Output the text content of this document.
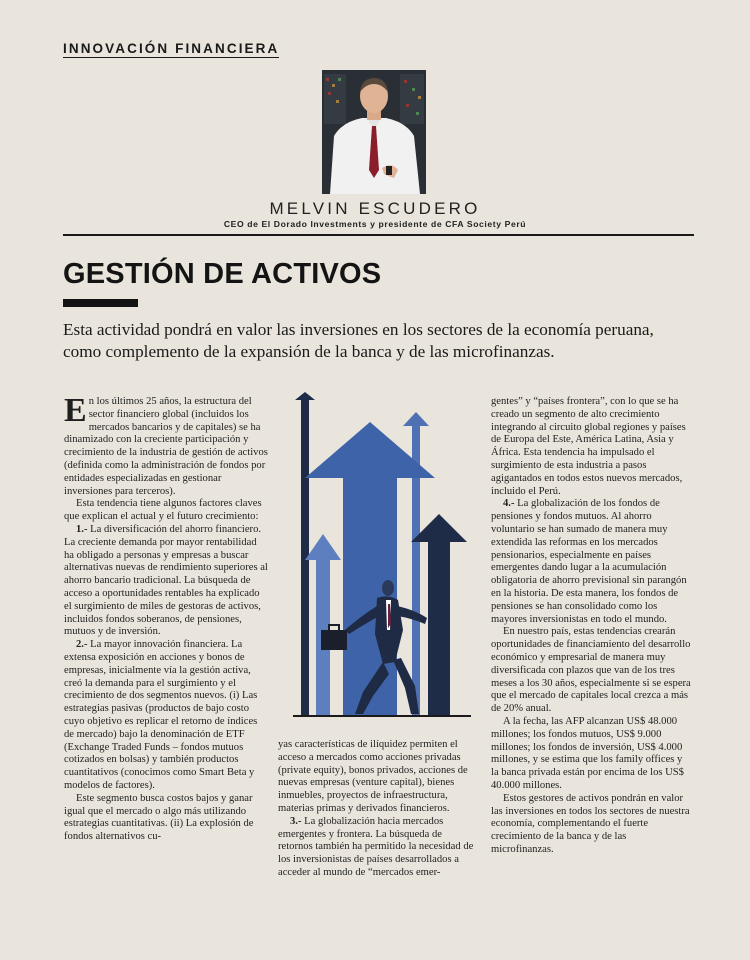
INNOVACIÓN FINANCIERA
MELVIN ESCUDERO
CEO de El Dorado Investments y presidente de CFA Society Perú
GESTIÓN DE ACTIVOS
Esta actividad pondrá en valor las inversiones en los sectores de la economía peruana, como complemento de la expansión de la banca y de las microfinanzas.

En los últimos 25 años, la estructura del sector financiero global (incluidos los mercados bancarios y de capitales) se ha dinamizado con la creciente participación y crecimiento de la industria de gestión de activos (definida como la administración de fondos por entidades especializadas en gestionar inversiones para terceros).

Esta tendencia tiene algunos factores claves que explican el actual y el futuro crecimiento:

1.- La diversificación del ahorro financiero. La creciente demanda por mayor rentabilidad ha obligado a personas y empresas a buscar alternativas nuevas de rendimiento superiores al ahorro bancario tradicional. La búsqueda de acceso a oportunidades rentables ha explicado el surgimiento de miles de gestoras de activos, incluidos fondos soberanos, de pensiones, mutuos y de inversión.

2.- La mayor innovación financiera. La extensa exposición en acciones y bonos de empresas, inicialmente vía la gestión activa, creó la demanda para el surgimiento y el crecimiento de dos segmentos nuevos. (i) Las estrategias pasivas (productos de bajo costo cuyo objetivo es replicar el retorno de índices de mercado) bajo la denominación de ETF (Exchange Traded Funds – fondos mutuos cotizados en bolsas) y también productos cuantitativos (conocimos como Smart Beta y modelos de factores).

Este segmento busca costos bajos y ganar igual que el mercado o algo más utilizando estrategias cuantitativas. (ii) La explosión de fondos alternativos cu-

yas características de ilíquidez permiten el acceso a mercados como acciones privadas (private equity), bonos privados, acciones de nuevas empresas (venture capital), bienes inmuebles, proyectos de infraestructura, materias primas y derivados financieros.

3.- La globalización hacia mercados emergentes y frontera. La búsqueda de retornos también ha permitido la necesidad de los inversionistas de países desarrollados a acceder al mundo de “mercados emer-

gentes” y “países frontera”, con lo que se ha creado un segmento de alto crecimiento integrando al circuito global regiones y países de Europa del Este, América Latina, Asia y África. Esta tendencia ha impulsado el surgimiento de esta industria a pasos agigantados en todos estos nuevos mercados, incluido el Perú.

4.- La globalización de los fondos de pensiones y fondos mutuos. Al ahorro voluntario se han sumado de manera muy extendida las reformas en los mercados pensionarios, especialmente en países emergentes dando lugar a la acumulación obligatoria de ahorro previsional sin parangón en la historia. De esta manera, los fondos de pensiones se han consolidado como los mayores inversionistas en todo el mundo.

En nuestro país, estas tendencias crearán oportunidades de financiamiento del desarrollo económico y empresarial de manera muy diversificada con plazos que van de los tres meses a los 30 años, especialmente si se espera que el mercado de capitales local crezca a más de 20% anual.

A la fecha, las AFP alcanzan US$ 48.000 millones; los fondos mutuos, US$ 9.000 millones; los fondos de inversión, US$ 4.000 millones, y se estima que los family offices y la banca privada están por encima de los US$ 40.000 millones.

Estos gestores de activos pondrán en valor las inversiones en todos los sectores de nuestra economía, complementando el fuerte crecimiento de la banca y de las microfinanzas.
